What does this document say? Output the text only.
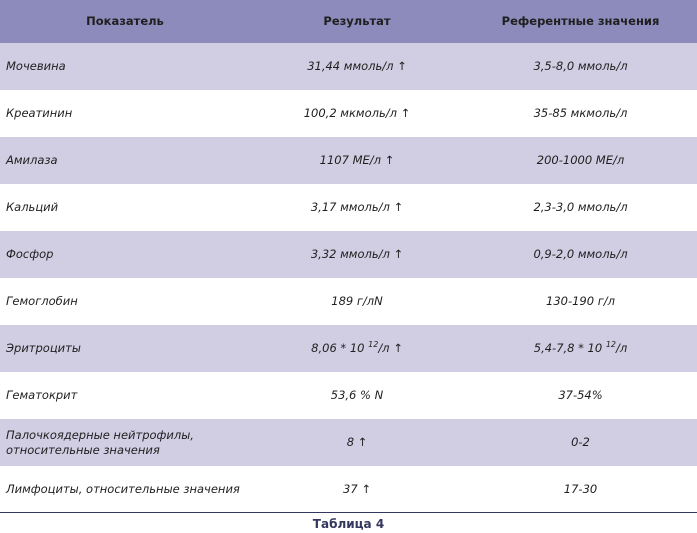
Показатель	Результат	Референтные значения
Мочевина	31,44 ммоль/л ↑	3,5-8,0 ммоль/л
Креатинин	100,2 мкмоль/л ↑	35-85 мкмоль/л
Амилаза	1107 МЕ/л ↑	200-1000 МЕ/л
Кальций	3,17 ммоль/л ↑	2,3-3,0 ммоль/л
Фосфор	3,32 ммоль/л ↑	0,9-2,0 ммоль/л
Гемоглобин	189 г/лN	130-190 г/л
Эритроциты	8,06 * 10 $^{12}$/л ↑	5,4-7,8 * 10 $^{12}$/л
Гематокрит	53,6 % N	37-54%
Палочкоядерные нейтрофилы,
относительные значения
8 ↑	0-2
Лимфоциты, относительные значения	37 ↑	17-30
Таблица 4
